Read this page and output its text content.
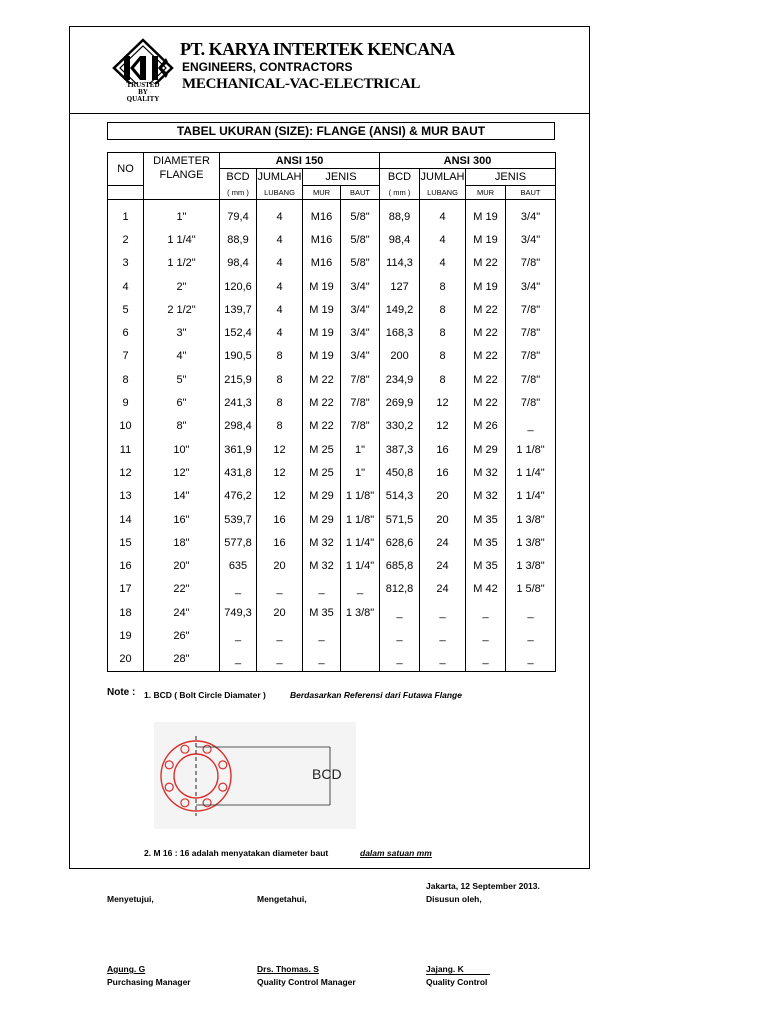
TRUSTED
BY
QUALITY
PT. KARYA INTERTEK KENCANA
ENGINEERS, CONTRACTORS
MECHANICAL-VAC-ELECTRICAL
TABEL UKURAN (SIZE): FLANGE (ANSI) & MUR BAUT
NO	DIAMETER	ANSI 150				ANSI 300			
	FLANGE	BCD	JUMLAH	JENIS		BCD	JUMLAH	JENIS	
		( mm )	LUBANG	MUR	BAUT	( mm )	LUBANG	MUR	BAUT
1	1"	79,4	4	M16	5/8"	88,9	4	M 19	3/4"
2	1 1/4"	88,9	4	M16	5/8"	98,4	4	M 19	3/4"
3	1 1/2"	98,4	4	M16	5/8"	114,3	4	M 22	7/8"
4	2"	120,6	4	M 19	3/4"	127	8	M 19	3/4"
5	2 1/2"	139,7	4	M 19	3/4"	149,2	8	M 22	7/8"
6	3"	152,4	4	M 19	3/4"	168,3	8	M 22	7/8"
7	4"	190,5	8	M 19	3/4"	200	8	M 22	7/8"
8	5"	215,9	8	M 22	7/8"	234,9	8	M 22	7/8"
9	6"	241,3	8	M 22	7/8"	269,9	12	M 22	7/8"
10	8"	298,4	8	M 22	7/8"	330,2	12	M 26	_
11	10"	361,9	12	M 25	1"	387,3	16	M 29	1 1/8"
12	12"	431,8	12	M 25	1"	450,8	16	M 32	1 1/4"
13	14"	476,2	12	M 29	1 1/8"	514,3	20	M 32	1 1/4"
14	16"	539,7	16	M 29	1 1/8"	571,5	20	M 35	1 3/8"
15	18"	577,8	16	M 32	1 1/4"	628,6	24	M 35	1 3/8"
16	20"	635	20	M 32	1 1/4"	685,8	24	M 35	1 3/8"
17	22"	_	_	_	_	812,8	24	M 42	1 5/8"
18	24"	749,3	20	M 35	1 3/8"	_	_	_	_
19	26"	_	_	_		_	_	_	_
20	28"	_	_	_		_	_	_	_
Note : 1. BCD ( Bolt Circle Diamater )	Berdasarkan Referensi dari Futawa Flange
BCD
2. M 16 : 16 adalah menyatakan diameter baut	dalam satuan mm
Jakarta, 12 September 2013.
Menyetujui,	Mengetahui,	Disusun oleh,
Agung. G
Purchasing Manager
Drs. Thomas. S
Quality Control Manager
Jajang. K
Quality Control
